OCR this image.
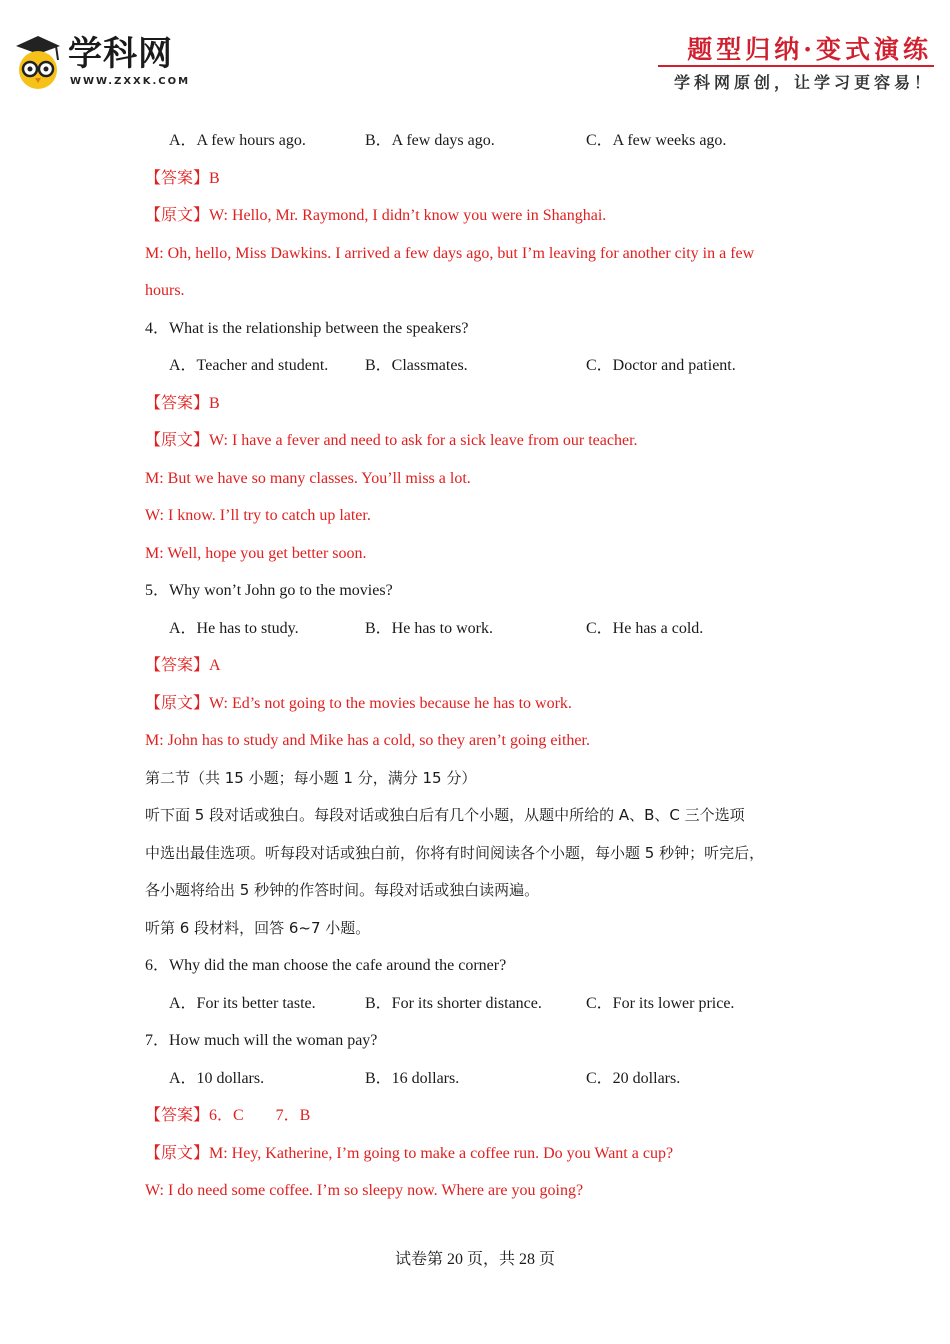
学科网
WWW.ZXXK.COM
题型归纳·变式演练
学科网原创，让学习更容易！
A．A few hours ago.	B．A few days ago.	C．A few weeks ago.
【答案】B
【原文】W: Hello, Mr. Raymond, I didn’t know you were in Shanghai.
M: Oh, hello, Miss Dawkins. I arrived a few days ago, but I’m leaving for another city in a few
hours.
4．What is the relationship between the speakers?
A．Teacher and student. B．Classmates.	C．Doctor and patient.
【答案】B
【原文】W: I have a fever and need to ask for a sick leave from our teacher.
M: But we have so many classes. You’ll miss a lot.
W: I know. I’ll try to catch up later.
M: Well, hope you get better soon.
5．Why won’t John go to the movies?
A．He has to study.	B．He has to work.	C．He has a cold.
【答案】A
【原文】W: Ed’s not going to the movies because he has to work.
M: John has to study and Mike has a cold, so they aren’t going either.
第二节（共 15 小题；每小题 1 分，满分 15 分）
听下面 5 段对话或独白。每段对话或独白后有几个小题，从题中所给的 A、B、C 三个选项
中选出最佳选项。听每段对话或独白前，你将有时间阅读各个小题，每小题 5 秒钟；听完后，
各小题将给出 5 秒钟的作答时间。每段对话或独白读两遍。
听第 6 段材料，回答 6~7 小题。
6．Why did the man choose the cafe around the corner?
A．For its better taste.	B．For its shorter distance.	C．For its lower price.
7．How much will the woman pay?
A．10 dollars.	B．16 dollars.	C．20 dollars.
【答案】6．C　　7．B
【原文】M: Hey, Katherine, I’m going to make a coffee run. Do you Want a cup?
W: I do need some coffee. I’m so sleepy now. Where are you going?
试卷第 20 页，共 28 页
